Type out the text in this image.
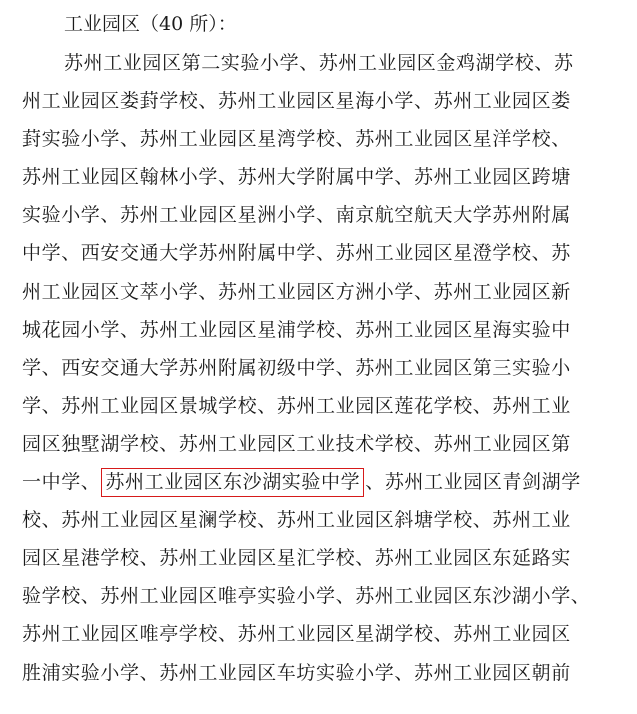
工业园区（40 所）：
苏州工业园区第二实验小学、苏州工业园区金鸡湖学校、苏
州工业园区娄葑学校、苏州工业园区星海小学、苏州工业园区娄
葑实验小学、苏州工业园区星湾学校、苏州工业园区星洋学校、
苏州工业园区翰林小学、苏州大学附属中学、苏州工业园区跨塘
实验小学、苏州工业园区星洲小学、南京航空航天大学苏州附属
中学、西安交通大学苏州附属中学、苏州工业园区星澄学校、苏
州工业园区文萃小学、苏州工业园区方洲小学、苏州工业园区新
城花园小学、苏州工业园区星浦学校、苏州工业园区星海实验中
学、西安交通大学苏州附属初级中学、苏州工业园区第三实验小
学、苏州工业园区景城学校、苏州工业园区莲花学校、苏州工业
园区独墅湖学校、苏州工业园区工业技术学校、苏州工业园区第
一中学、 苏州工业园区东沙湖实验中学 、苏州工业园区青剑湖学
校、苏州工业园区星澜学校、苏州工业园区斜塘学校、苏州工业
园区星港学校、苏州工业园区星汇学校、苏州工业园区东延路实
验学校、苏州工业园区唯亭实验小学、苏州工业园区东沙湖小学、
苏州工业园区唯亭学校、苏州工业园区星湖学校、苏州工业园区
胜浦实验小学、苏州工业园区车坊实验小学、苏州工业园区朝前
